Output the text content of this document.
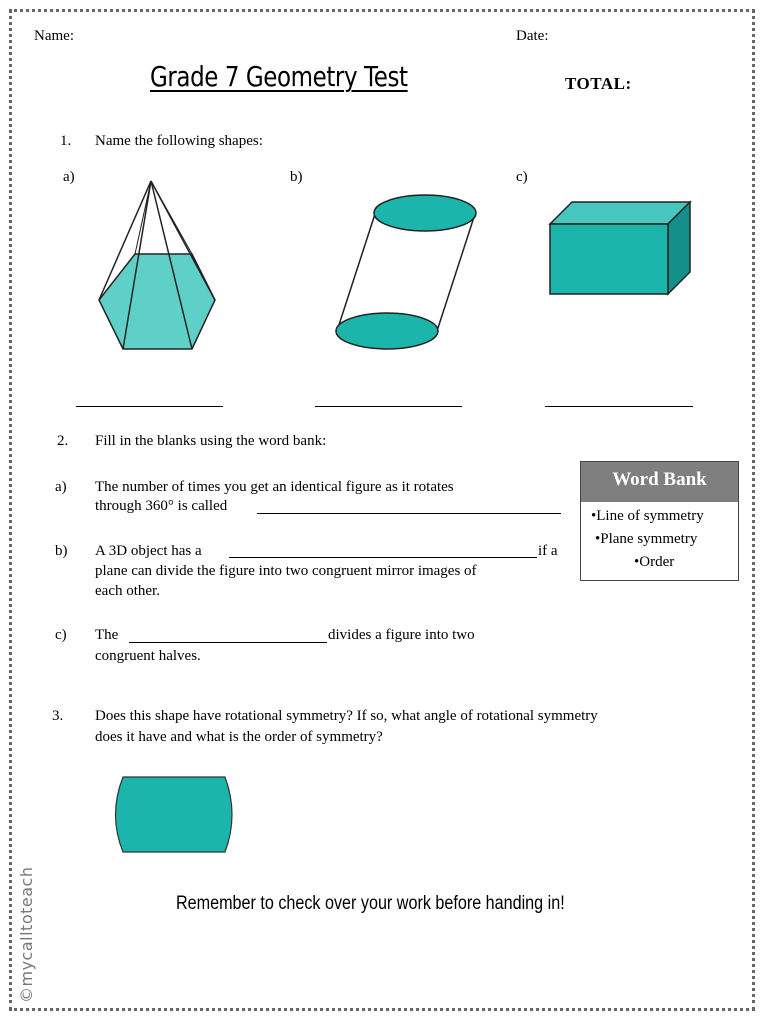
Name:	Date:
Grade 7 Geometry Test	TOTAL:
1. Name the following shapes:
a)	b)	c)
2. Fill in the blanks using the word bank:
a) The number of times you get an identical figure as it rotates
through 360° is called
b) A 3D object has a	if a
plane can divide the figure into two congruent mirror images of
each other.
c) The	divides a figure into two
congruent halves.
Word Bank
•Line of symmetry
•Plane symmetry
•Order
3. Does this shape have rotational symmetry? If so, what angle of rotational symmetry
does it have and what is the order of symmetry?
Remember to check over your work before handing in!
©mycalltoteach
